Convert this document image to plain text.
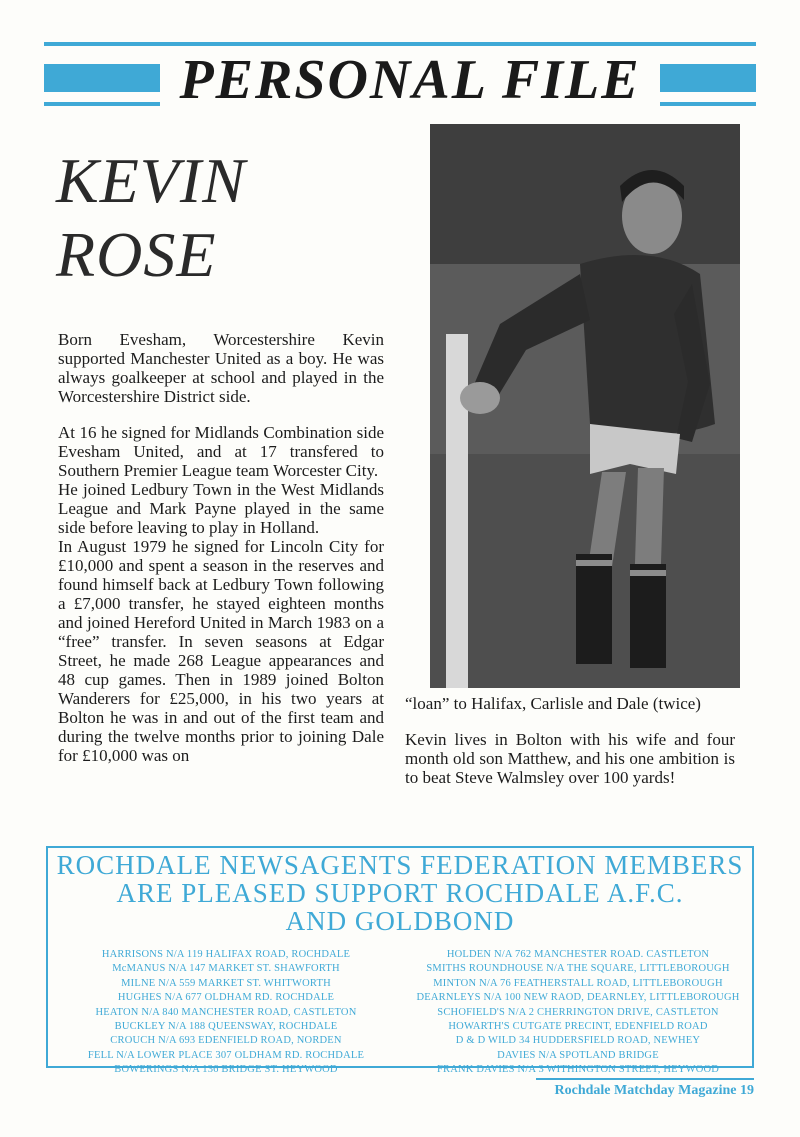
PERSONAL FILE
KEVIN
ROSE

Born Evesham, Worcestershire Kevin supported Manchester United as a boy. He was always goalkeeper at school and played in the Worcestershire District side.

At 16 he signed for Midlands Combination side Evesham United, and at 17 transfered to Southern Premier League team Worcester City.

He joined Ledbury Town in the West Midlands League and Mark Payne played in the same side before leaving to play in Holland.

In August 1979 he signed for Lincoln City for £10,000 and spent a season in the reserves and found himself back at Ledbury Town following a £7,000 transfer, he stayed eighteen months and joined Hereford United in March 1983 on a “free” transfer. In seven seasons at Edgar Street, he made 268 League appearances and 48 cup games. Then in 1989 joined Bolton Wanderers for £25,000, in his two years at Bolton he was in and out of the first team and during the twelve months prior to joining Dale for £10,000 was on

“loan” to Halifax, Carlisle and Dale (twice)

Kevin lives in Bolton with his wife and four month old son Matthew, and his one ambition is to beat Steve Walmsley over 100 yards!

ROCHDALE NEWSAGENTS FEDERATION MEMBERS
ARE PLEASED SUPPORT ROCHDALE A.F.C.
AND GOLDBOND
HARRISONS N/A 119 HALIFAX ROAD, ROCHDALE
McMANUS N/A 147 MARKET ST. SHAWFORTH
MILNE N/A 559 MARKET ST. WHITWORTH
HUGHES N/A 677 OLDHAM RD. ROCHDALE
HEATON N/A 840 MANCHESTER ROAD, CASTLETON
BUCKLEY N/A 188 QUEENSWAY, ROCHDALE
CROUCH N/A 693 EDENFIELD ROAD, NORDEN
FELL N/A LOWER PLACE 307 OLDHAM RD. ROCHDALE
BOWERINGS N/A 136 BRIDGE ST. HEYWOOD
HOLDEN N/A 762 MANCHESTER ROAD. CASTLETON
SMITHS ROUNDHOUSE N/A THE SQUARE, LITTLEBOROUGH
MINTON N/A 76 FEATHERSTALL ROAD, LITTLEBOROUGH
DEARNLEYS N/A 100 NEW RAOD, DEARNLEY, LITTLEBOROUGH
SCHOFIELD'S N/A 2 CHERRINGTON DRIVE, CASTLETON
HOWARTH'S CUTGATE PRECINT, EDENFIELD ROAD
D & D WILD 34 HUDDERSFIELD ROAD, NEWHEY
DAVIES N/A SPOTLAND BRIDGE
FRANK DAVIES N/A 3 WITHINGTON STREET, HEYWOOD
Rochdale Matchday Magazine 19
